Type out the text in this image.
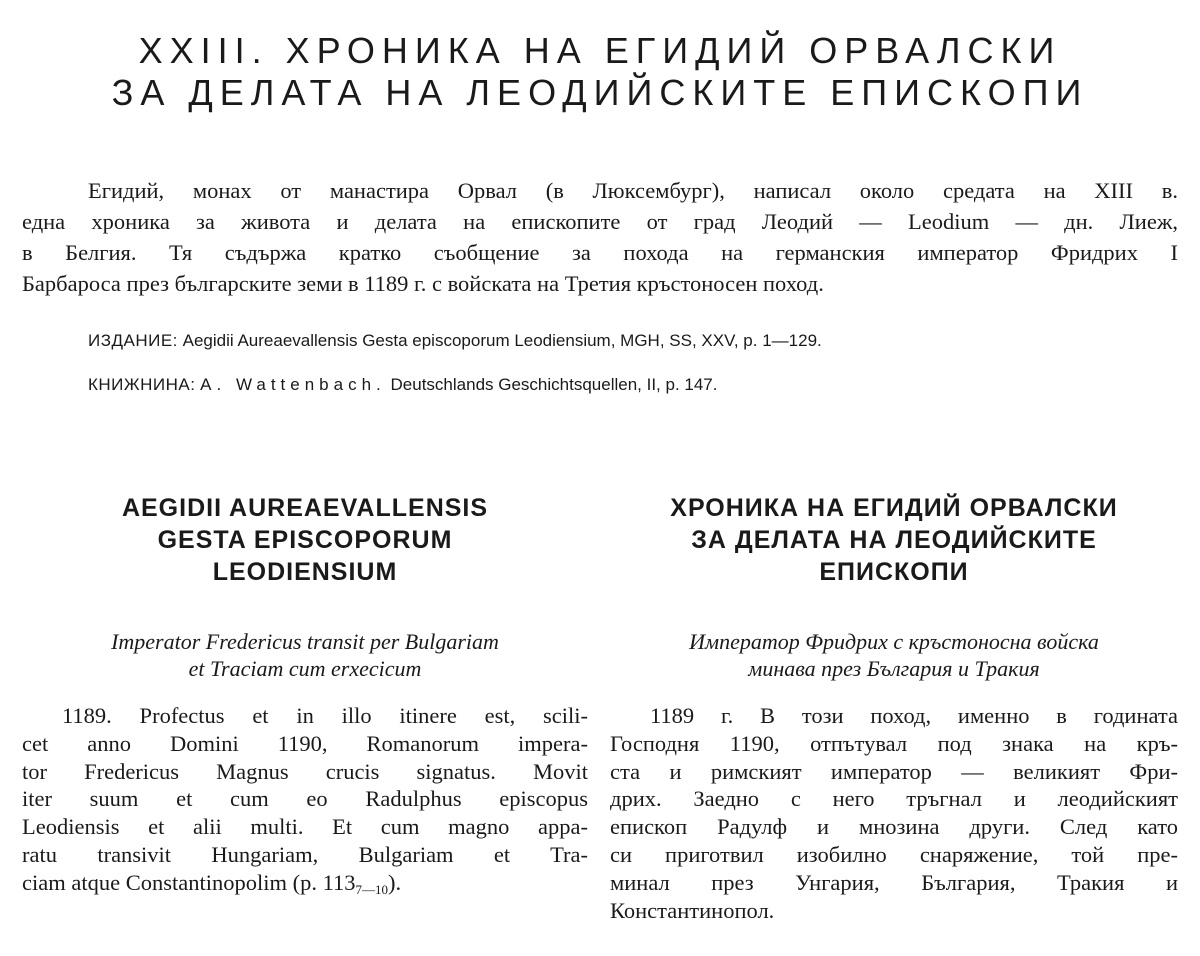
XXIII. ХРОНИКА НА ЕГИДИЙ ОРВАЛСКИ
ЗА ДЕЛАТА НА ЛЕОДИЙСКИТЕ ЕПИСКОПИ

Егидий, монах от манастира Орвал (в Люксембург), написал около средата на XIII в.
една хроника за живота и делата на епископите от град Леодий — Leodium — дн. Лиеж,
в Белгия. Тя съдържа кратко съобщение за похода на германския император Фридрих I
Барбароса през българските земи в 1189 г. с войската на Третия кръстоносен поход.

ИЗДАНИЕ: Aegidii Aureaevallensis Gesta episcoporum Leodiensium, MGH, SS, XXV, p. 1—129.

КНИЖНИНА: A. Wattenbach. Deutschlands Geschichtsquellen, II, p. 147.

AEGIDII AUREAEVALLENSIS
GESTA EPISCOPORUM
LEODIENSIUM

Imperator Fredericus transit per Bulgariam
et Traciam cum erxecicum

1189. Profectus et in illo itinere est, scili-
cet anno Domini 1190, Romanorum impera-
tor Fredericus Magnus crucis signatus. Movit
iter suum et cum eo Radulphus episcopus
Leodiensis et alii multi. Et cum magno appa-
ratu transivit Hungariam, Bulgariam et Tra-
ciam atque Constantinopolim (p. $113_{7—10}$).

ХРОНИКА НА ЕГИДИЙ ОРВАЛСКИ
ЗА ДЕЛАТА НА ЛЕОДИЙСКИТЕ
ЕПИСКОПИ

Император Фридрих с кръстоносна войска
минава през България и Тракия

1189 г. В този поход, именно в годината
Господня 1190, отпътувал под знака на кръ-
ста и римският император — великият Фри-
дрих. Заедно с него тръгнал и леодийският
епископ Радулф и мнозина други. След като
си приготвил изобилно снаряжение, той пре-
минал през Унгария, България, Тракия и
Константинопол.
